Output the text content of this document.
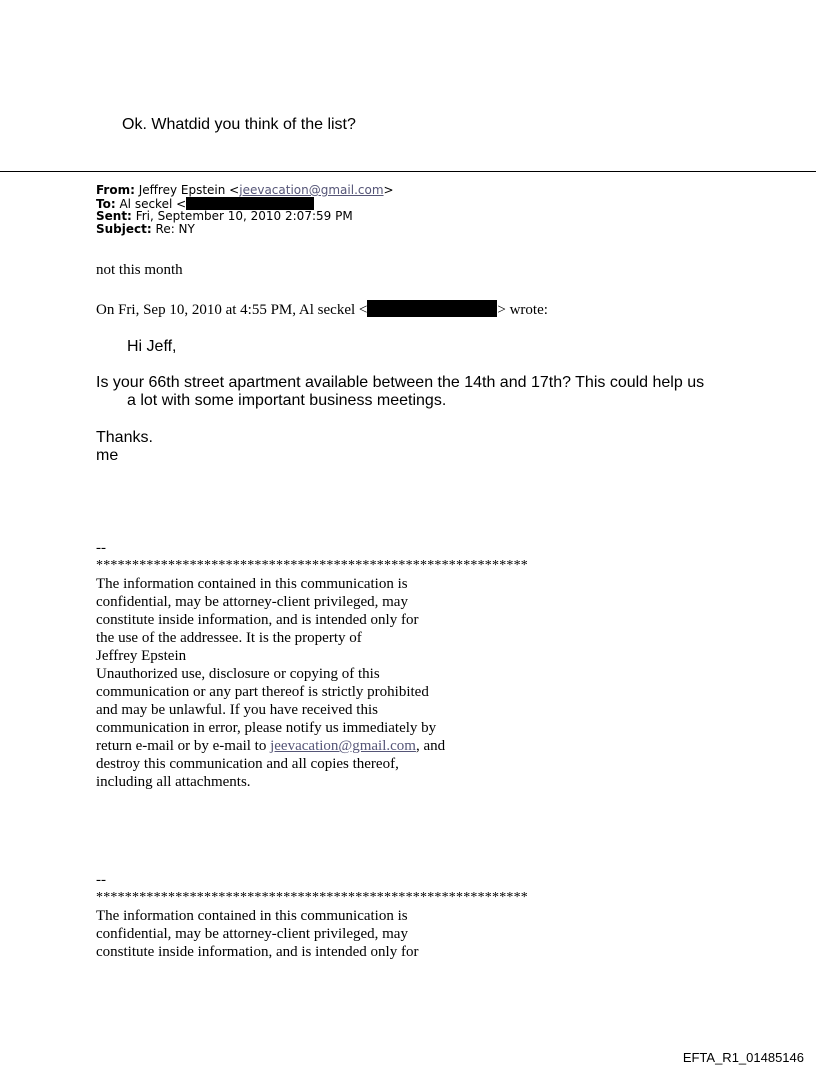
Ok. Whatdid you think of the list?
From: Jeffrey Epstein <jeevacation@gmail.com>
To: Al seckel <
Sent: Fri, September 10, 2010 2:07:59 PM
Subject: Re: NY
not this month
On Fri, Sep 10, 2010 at 4:55 PM, Al seckel <	> wrote:
Hi Jeff,
Is your 66th street apartment available between the 14th and 17th? This could help us
a lot with some important business meetings.
Thanks.
me
--
************************************************************
The information contained in this communication is
confidential, may be attorney-client privileged, may
constitute inside information, and is intended only for
the use of the addressee. It is the property of
Jeffrey Epstein
Unauthorized use, disclosure or copying of this
communication or any part thereof is strictly prohibited
and may be unlawful. If you have received this
communication in error, please notify us immediately by
return e-mail or by e-mail to jeevacation@gmail.com, and
destroy this communication and all copies thereof,
including all attachments.
--
************************************************************
The information contained in this communication is
confidential, may be attorney-client privileged, may
constitute inside information, and is intended only for
EFTA_R1_01485146
